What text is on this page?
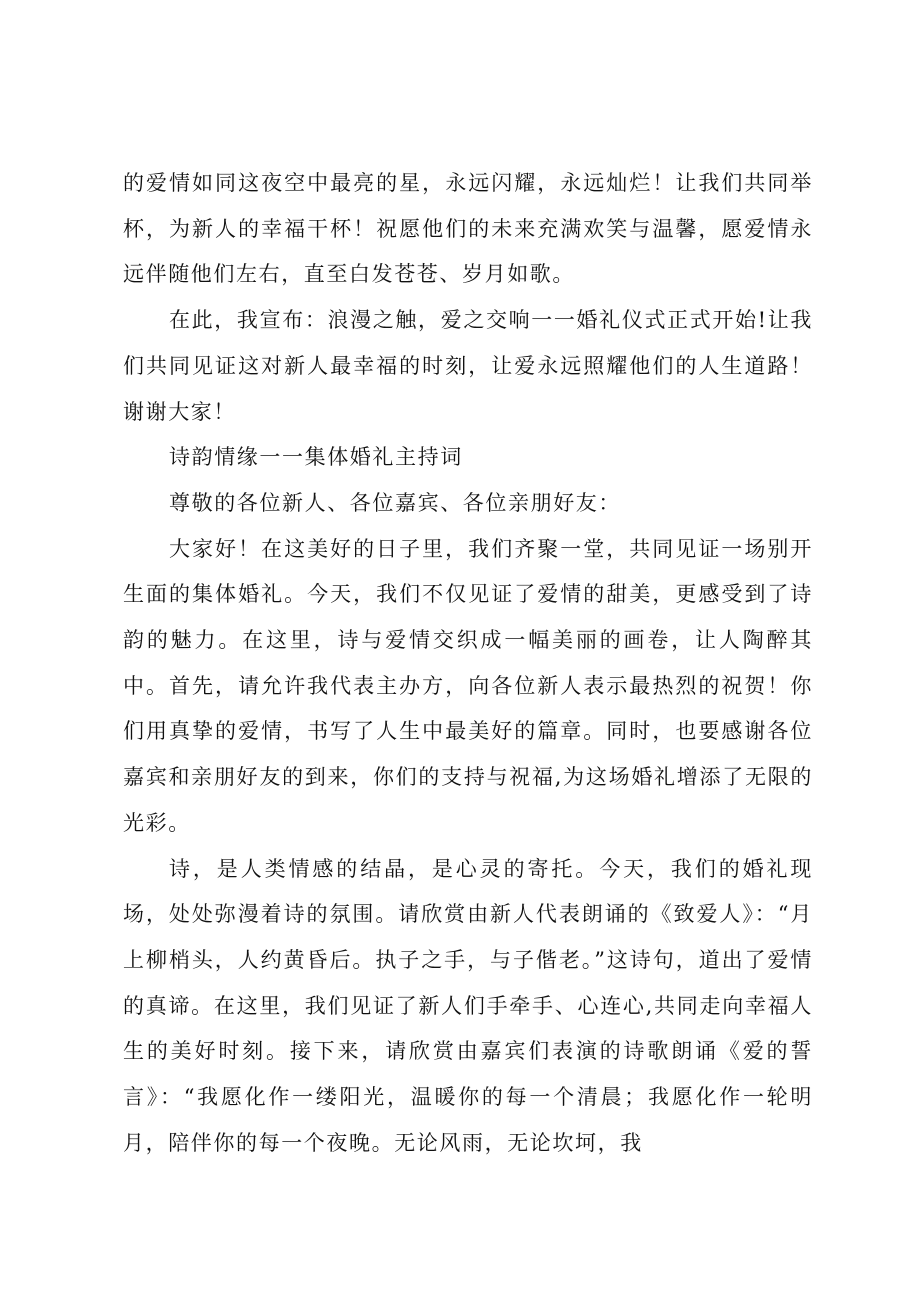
的爱情如同这夜空中最亮的星，永远闪耀，永远灿烂！让我们共同举杯，为新人的幸福干杯！祝愿他们的未来充满欢笑与温馨，愿爱情永远伴随他们左右，直至白发苍苍、岁月如歌。

在此，我宣布：浪漫之触，爱之交响一一婚礼仪式正式开始!让我们共同见证这对新人最幸福的时刻，让爱永远照耀他们的人生道路！谢谢大家！

诗韵情缘一一集体婚礼主持词

尊敬的各位新人、各位嘉宾、各位亲朋好友：

大家好！在这美好的日子里，我们齐聚一堂，共同见证一场别开生面的集体婚礼。今天，我们不仅见证了爱情的甜美，更感受到了诗韵的魅力。在这里，诗与爱情交织成一幅美丽的画卷，让人陶醉其中。首先，请允许我代表主办方，向各位新人表示最热烈的祝贺！你们用真挚的爱情，书写了人生中最美好的篇章。同时，也要感谢各位嘉宾和亲朋好友的到来，你们的支持与祝福,为这场婚礼增添了无限的光彩。

诗，是人类情感的结晶，是心灵的寄托。今天，我们的婚礼现场，处处弥漫着诗的氛围。请欣赏由新人代表朗诵的《致爱人》：“月上柳梢头，人约黄昏后。执子之手，与子偕老。”这诗句，道出了爱情的真谛。在这里，我们见证了新人们手牵手、心连心,共同走向幸福人生的美好时刻。接下来，请欣赏由嘉宾们表演的诗歌朗诵《爱的誓言》：“我愿化作一缕阳光，温暖你的每一个清晨；我愿化作一轮明月，陪伴你的每一个夜晚。无论风雨，无论坎坷，我
